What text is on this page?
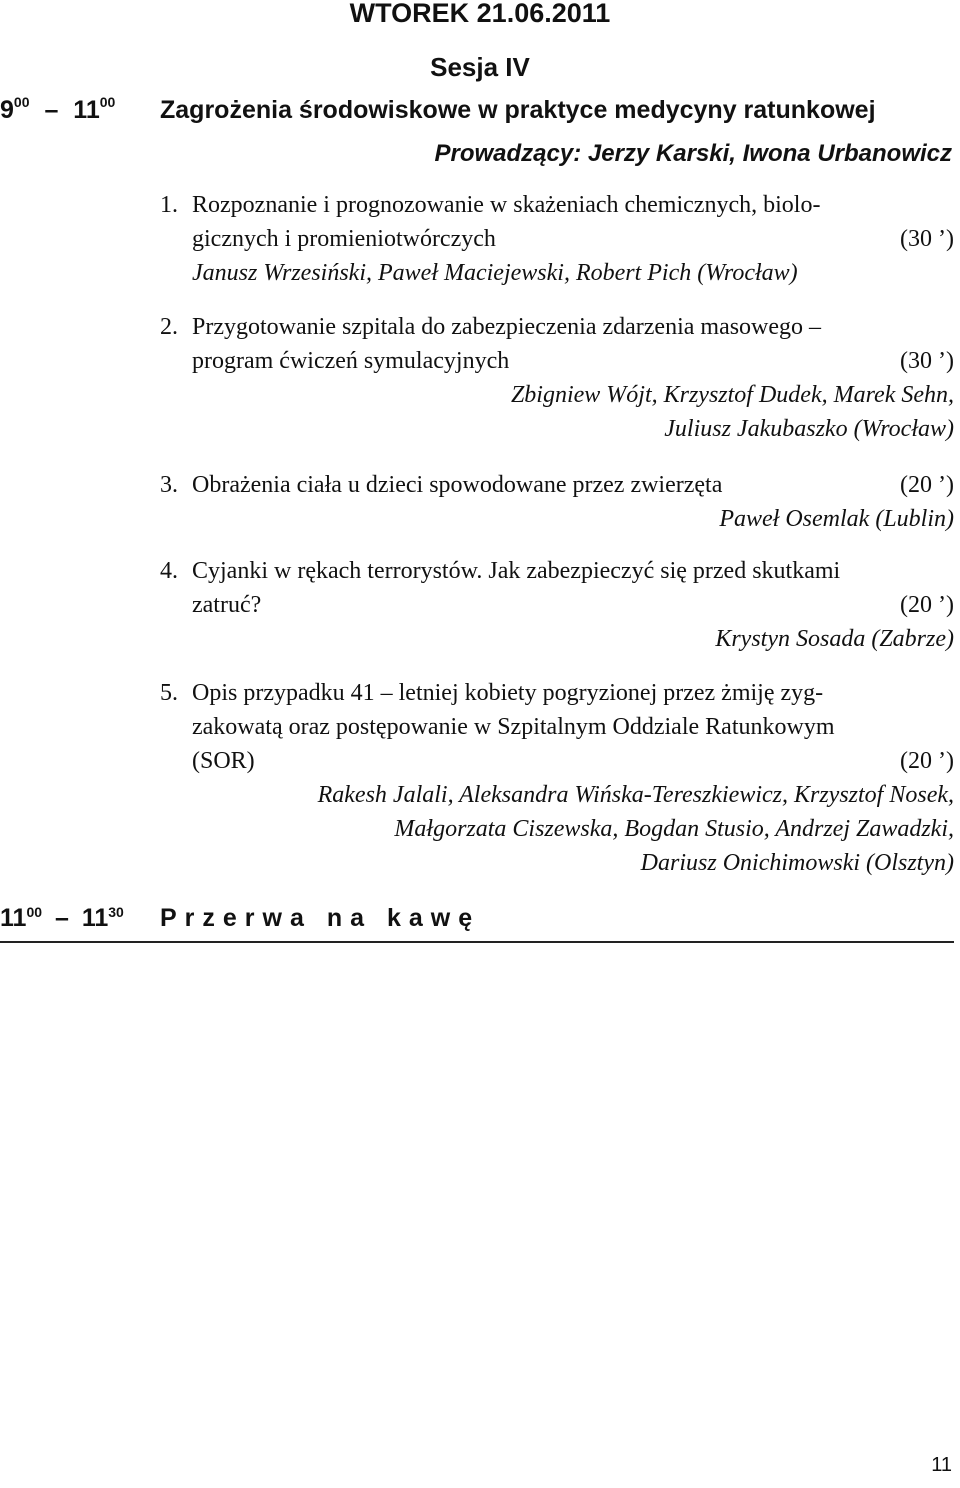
WTOREK 21.06.2011
Sesja IV
$9^{00} - 11^{00}$ Zagrożenia środowiskowe w praktyce medycyny ratunkowej
Prowadzący: Jerzy Karski, Iwona Urbanowicz
1. Rozpoznanie i prognozowanie w skażeniach chemicznych, biolo-
gicznych i promieniotwórczych	(30 ’)
Janusz Wrzesiński, Paweł Maciejewski, Robert Pich (Wrocław)
2. Przygotowanie szpitala do zabezpieczenia zdarzenia masowego –
program ćwiczeń symulacyjnych	(30 ’)
Zbigniew Wójt, Krzysztof Dudek, Marek Sehn,
Juliusz Jakubaszko (Wrocław)
3. Obrażenia ciała u dzieci spowodowane przez zwierzęta	(20 ’)
Paweł Osemlak (Lublin)
4. Cyjanki w rękach terrorystów. Jak zabezpieczyć się przed skutkami
zatruć?	(20 ’)
Krystyn Sosada (Zabrze)
5. Opis przypadku 41 – letniej kobiety pogryzionej przez żmiję zyg-
zakowatą oraz postępowanie w Szpitalnym Oddziale Ratunkowym
(SOR)	(20 ’)
Rakesh Jalali, Aleksandra Wińska-Tereszkiewicz, Krzysztof Nosek,
Małgorzata Ciszewska, Bogdan Stusio, Andrzej Zawadzki,
Dariusz Onichimowski (Olsztyn)
$11^{00} - 11^{30}$ Przerwa na kawę
11
